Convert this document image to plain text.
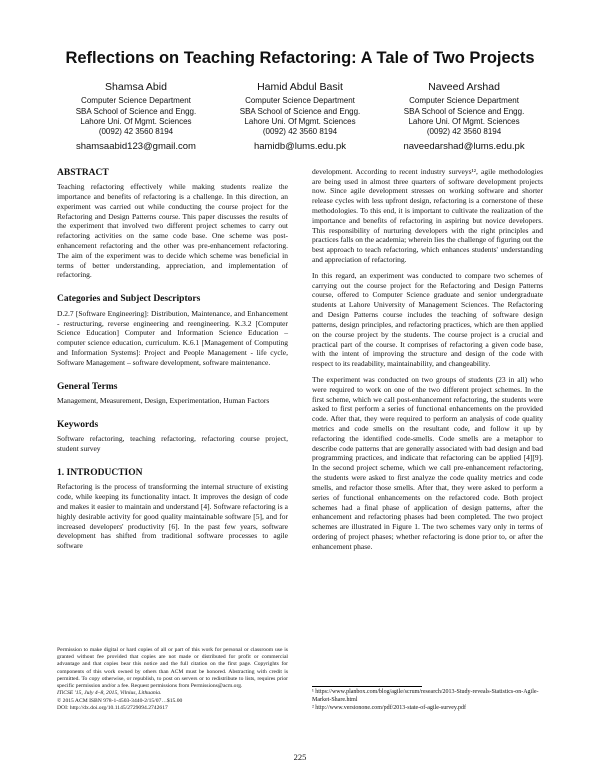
Reflections on Teaching Refactoring: A Tale of Two Projects
Shamsa Abid
Computer Science Department
SBA School of Science and Engg.
Lahore Uni. Of Mgmt. Sciences
(0092) 42 3560 8194
shamsaabid123@gmail.com
Hamid Abdul Basit
Computer Science Department
SBA School of Science and Engg.
Lahore Uni. Of Mgmt. Sciences
(0092) 42 3560 8194
hamidb@lums.edu.pk
Naveed Arshad
Computer Science Department
SBA School of Science and Engg.
Lahore Uni. Of Mgmt. Sciences
(0092) 42 3560 8194
naveedarshad@lums.edu.pk
ABSTRACT

Teaching refactoring effectively while making students realize the importance and benefits of refactoring is a challenge. In this direction, an experiment was carried out while conducting the course project for the Refactoring and Design Patterns course. This paper discusses the results of the experiment that involved two different project schemes to carry out refactoring activities on the same code base. One scheme was post-enhancement refactoring and the other was pre-enhancement refactoring. The aim of the experiment was to decide which scheme was beneficial in terms of better understanding, appreciation, and implementation of refactoring.

Categories and Subject Descriptors

D.2.7 [Software Engineering]: Distribution, Maintenance, and Enhancement - restructuring, reverse engineering and reengineering. K.3.2 [Computer Science Education] Computer and Information Science Education – computer science education, curriculum. K.6.1 [Management of Computing and Information Systems]: Project and People Management - life cycle, Software Management – software development, software maintenance.

General Terms

Management, Measurement, Design, Experimentation, Human Factors

Keywords

Software refactoring, teaching refactoring, refactoring course project, student survey

1. INTRODUCTION

Refactoring is the process of transforming the internal structure of existing code, while keeping its functionality intact. It improves the design of code and makes it easier to maintain and understand [4]. Software refactoring is a highly desirable activity for good quality maintainable software [5], and for increased developers' productivity [6]. In the past few years, software development has shifted from traditional software processes to agile software

Permission to make digital or hard copies of all or part of this work for personal or classroom use is granted without fee provided that copies are not made or distributed for profit or commercial advantage and that copies bear this notice and the full citation on the first page. Copyrights for components of this work owned by others than ACM must be honored. Abstracting with credit is permitted. To copy otherwise, or republish, to post on servers or to redistribute to lists, requires prior specific permission and/or a fee. Request permissions from Permissions@acm.org.

ITiCSE '15, July 4–8, 2015, Vilnius, Lithuania.

© 2015 ACM ISBN 978-1-4503-3440-2/15/07…$15.00

DOI: http://dx.doi.org/10.1145/2729094.2742617

development. According to recent industry surveys¹², agile methodologies are being used in almost three quarters of software development projects now. Since agile development stresses on working software and shorter release cycles with less upfront design, refactoring is a cornerstone of these methodologies. To this end, it is important to cultivate the realization of the importance and benefits of refactoring in aspiring but novice developers. This responsibility of nurturing developers with the right principles and practices falls on the academia; wherein lies the challenge of figuring out the best approach to teach refactoring, which enhances students' understanding and appreciation of refactoring.

In this regard, an experiment was conducted to compare two schemes of carrying out the course project for the Refactoring and Design Patterns course, offered to Computer Science graduate and senior undergraduate students at Lahore University of Management Sciences. The Refactoring and Design Patterns course includes the teaching of software design patterns, design principles, and refactoring practices, which are then applied on the course project by the students. The course project is a crucial and practical part of the course. It comprises of refactoring a given code base, with the intent of improving the structure and design of the code with respect to its readability, maintainability, and changeability.

The experiment was conducted on two groups of students (23 in all) who were required to work on one of the two different project schemes. In the first scheme, which we call post-enhancement refactoring, the students were asked to first perform a series of functional enhancements on the provided code. After that, they were required to perform an analysis of code quality metrics and code smells on the resultant code, and follow it up by refactoring the identified code-smells. Code smells are a metaphor to describe code patterns that are generally associated with bad design and bad programming practices, and indicate that refactoring can be applied [4][9]. In the second project scheme, which we call pre-enhancement refactoring, the students were asked to first analyze the code quality metrics and code smells, and refactor those smells. After that, they were asked to perform a series of functional enhancements on the refactored code. Both project schemes had a final phase of application of design patterns, after the enhancement and refactoring phases had been completed. The two project schemes are illustrated in Figure 1. The two schemes vary only in terms of ordering of project phases; whether refactoring is done prior to, or after the enhancement phase.

¹ https://www.planbox.com/blog/agile/scrum/research/2013-Study-reveals-Statistics-on-Agile-Market-Share.html

² http://www.versionone.com/pdf/2013-state-of-agile-survey.pdf

225
